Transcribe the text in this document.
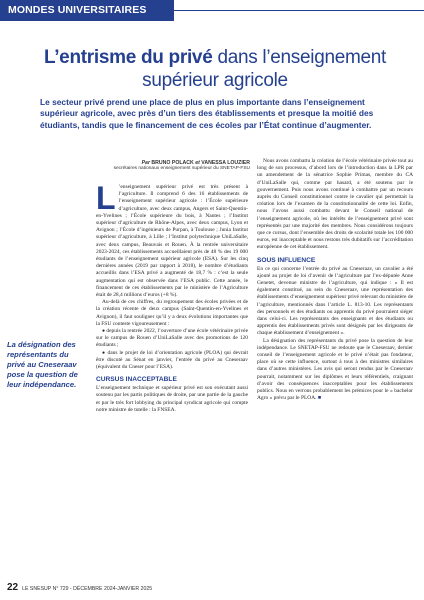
MONDES UNIVERSITAIRES
L’entrisme du privé dans l’enseignement supérieur agricole

Le secteur privé prend une place de plus en plus importante dans l’enseignement supérieur agricole, avec près d’un tiers des établissements et presque la moitié des étudiants, tandis que le financement de ces écoles par l’État continue d’augmenter.

Par BRUNO POLACK et VANESSA LOUZIER
secrétaires nationaux enseignement supérieur du SNETAP-FSU

La désignation des représentants du privé au Cneseraav pose la question de leur indépendance.

L ’enseignement supérieur privé est très présent à l’agriculture. Il comprend 6 des 16 établissements de l’enseignement supérieur agricole : l’École supérieure d’agriculture, avec deux campus, Angers et Saint-Quentin-en-Yvelines ; l’École supérieure du bois, à Nantes ; l’Institut supérieur d’agriculture de Rhône-Alpes, avec deux campus, Lyon et Avignon ; l’École d’ingénieurs de Purpan, à Toulouse ; Junia Institut supérieur d’agriculture, à Lille ; l’Institut polytechnique UniLaSalle, avec deux campus, Beauvais et Rouen. À la rentrée universitaire 2023-2024, ces établissements accueillaient près de 48 % des 19 000 étudiants de l’enseignement supérieur agricole (ESA). Sur les cinq dernières années (2019 par rapport à 2018), le nombre d’étudiants accueillis dans l’ESA privé a augmenté de 18,7 % : c’est la seule augmentation qui est observée dans l’ESA public. Cette année, le financement de ces établissements par le ministère de l’Agriculture était de 28,4 millions d’euros (+8 %).

Au-delà de ces chiffres, du regroupement des écoles privées et de la création récente de deux campus (Saint-Quentin-en-Yvelines et Avignon), il faut souligner qu’il y a deux évolutions importantes que la FSU conteste vigoureusement :

● depuis la rentrée 2022, l’ouverture d’une école vétérinaire privée sur le campus de Rouen d’UniLaSalle avec des promotions de 120 étudiants ;

● dans le projet de loi d’orientation agricole (PLOA) qui devrait être discuté au Sénat en janvier, l’entrée du privé au Cneseraav (équivalent du Cneser pour l’ESA).

CURSUS INACCEPTABLE

L’enseignement technique et supérieur privé est son exécutant aussi soutenu par les partis politiques de droite, par une partie de la gauche et par le très fort lobbying du principal syndicat agricole qui compte notre ministre de tutelle : la FNSEA.

Nous avons combattu la création de l’école vétérinaire privée tout au long de son processus, d’abord lors de l’introduction dans la LPR par un amendement de la sénatrice Sophie Primas, membre du CA d’UniLaSalle qui, comme par hasard, a été soutenu par le gouvernement. Puis nous avons continué à combattre par un recours auprès du Conseil constitutionnel contre le cavalier qui permettait la création lors de l’examen de la constitutionnalité de cette loi. Enfin, nous l’avons aussi combattu devant le Conseil national de l’enseignement agricole, où les intérêts de l’enseignement privé sont représentés par une majorité des membres. Nous considérons toujours que ce cursus, dont l’ensemble des droits de scolarité totale les 100 000 euros, est inacceptable et nous restons très dubitatifs sur l’accréditation européenne de cet établissement.

SOUS INFLUENCE

En ce qui concerne l’entrée du privé au Cneseraav, un cavalier a été ajouté au projet de loi d’avenir de l’agriculture par l’ex-députée Anne Genetet, devenue ministre de l’agriculture, qui indique : « Il est également constitué, au sein du Cneseraav, une représentation des établissements d’enseignement supérieur privé relevant du ministère de l’agriculture, mentionnés dans l’article L. 813-10. Les représentants des personnels et des étudiants ou apprentis du privé pourraient siéger dans celui-ci. Les représentants des enseignants et des étudiants ou apprentis des établissements privés sont désignés par les dirigeants de chaque établissement d’enseignement ».

La désignation des représentants du privé pose la question de leur indépendance. Le SNETAP-FSU ne redoute que le Cneseraav, dernier conseil de l’enseignement agricole et le privé n’était pas fondateur, place où se cette influence, surtout à tous à des ministres similaires dans d’autres ministères. Les avis qui seront rendus par le Cneseraav pourrait, notamment sur les diplômes et leurs référentiels, craignant d’avoir des conséquences inacceptables pour les établissements publics. Nous en verrons probablement les prémices pour le « bachelor Agro » prévu par le PLOA. ■

22 LE SNESUP N° 729 - DÉCEMBRE 2024-JANVIER 2025
